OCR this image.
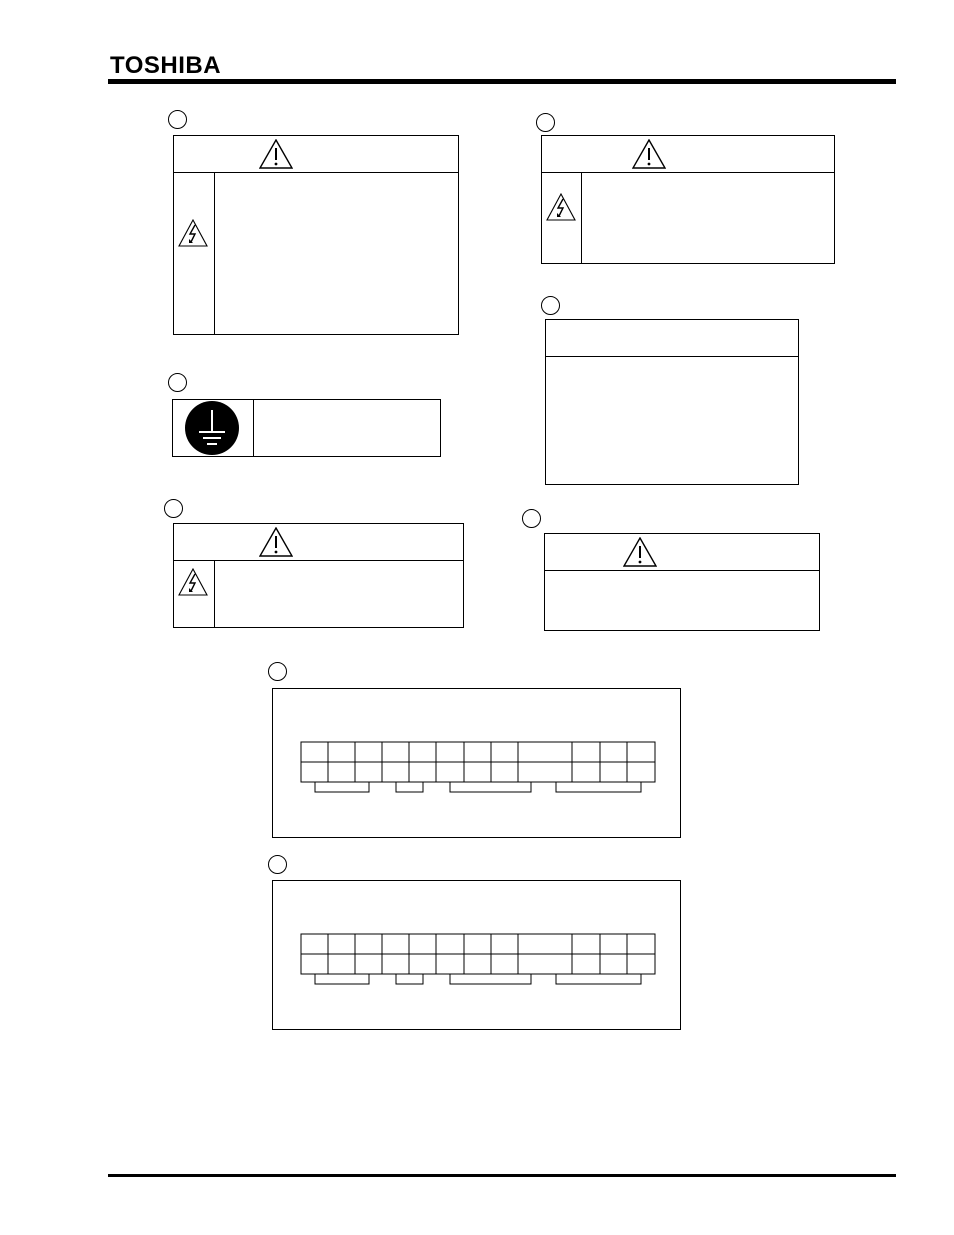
TOSHIBA
